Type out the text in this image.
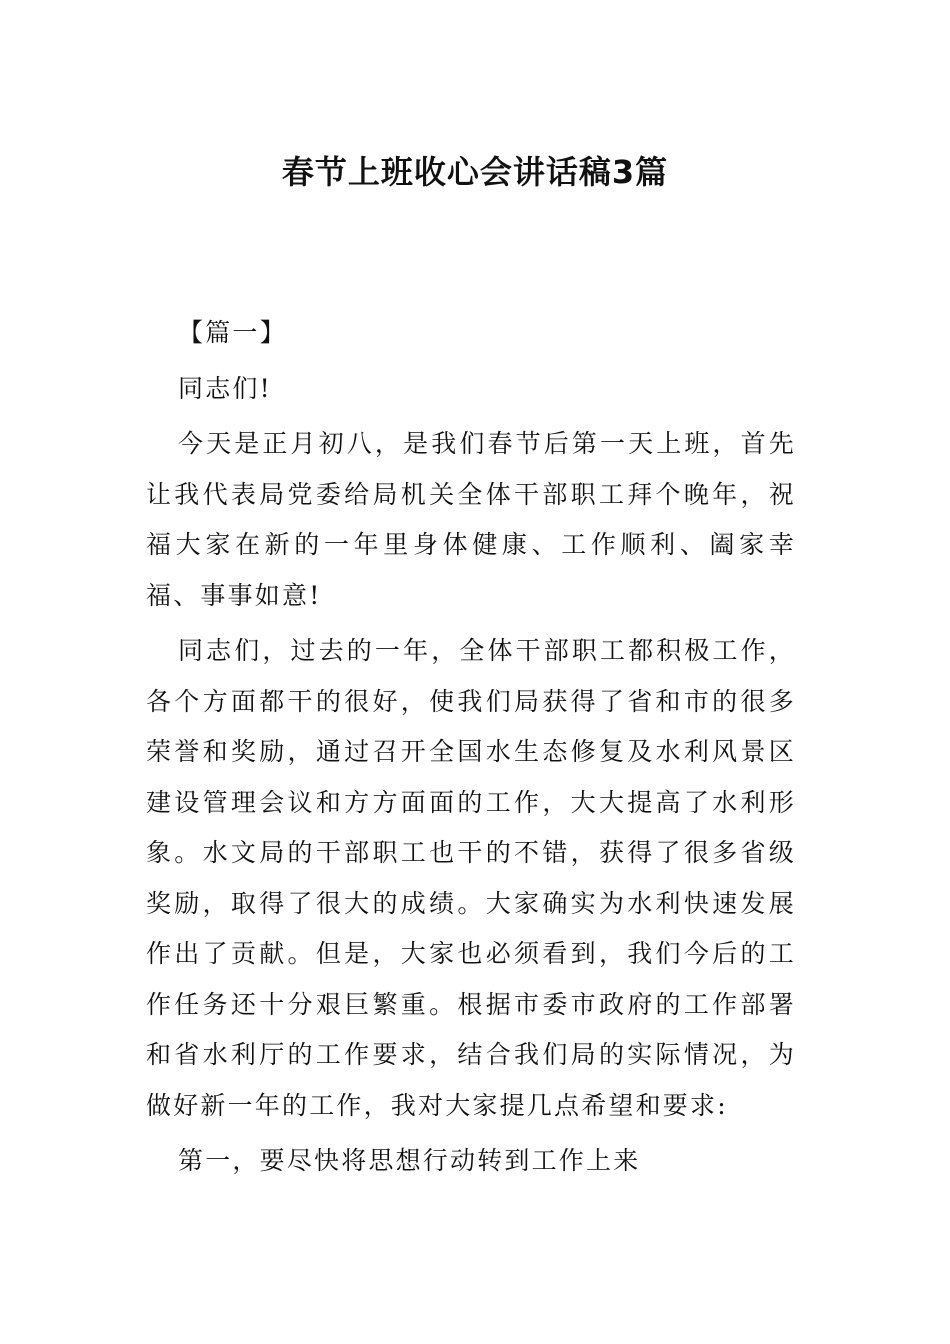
春节上班收心会讲话稿3篇

【篇一】

同志们!

今天是正月初八，是我们春节后第一天上班，首先让我代表局党委给局机关全体干部职工拜个晚年，祝福大家在新的一年里身体健康、工作顺利、阖家幸福、事事如意!

同志们，过去的一年，全体干部职工都积极工作，各个方面都干的很好，使我们局获得了省和市的很多荣誉和奖励，通过召开全国水生态修复及水利风景区建设管理会议和方方面面的工作，大大提高了水利形象。水文局的干部职工也干的不错，获得了很多省级奖励，取得了很大的成绩。大家确实为水利快速发展作出了贡献。但是，大家也必须看到，我们今后的工作任务还十分艰巨繁重。根据市委市政府的工作部署和省水利厅的工作要求，结合我们局的实际情况，为做好新一年的工作，我对大家提几点希望和要求:

第一，要尽快将思想行动转到工作上来
